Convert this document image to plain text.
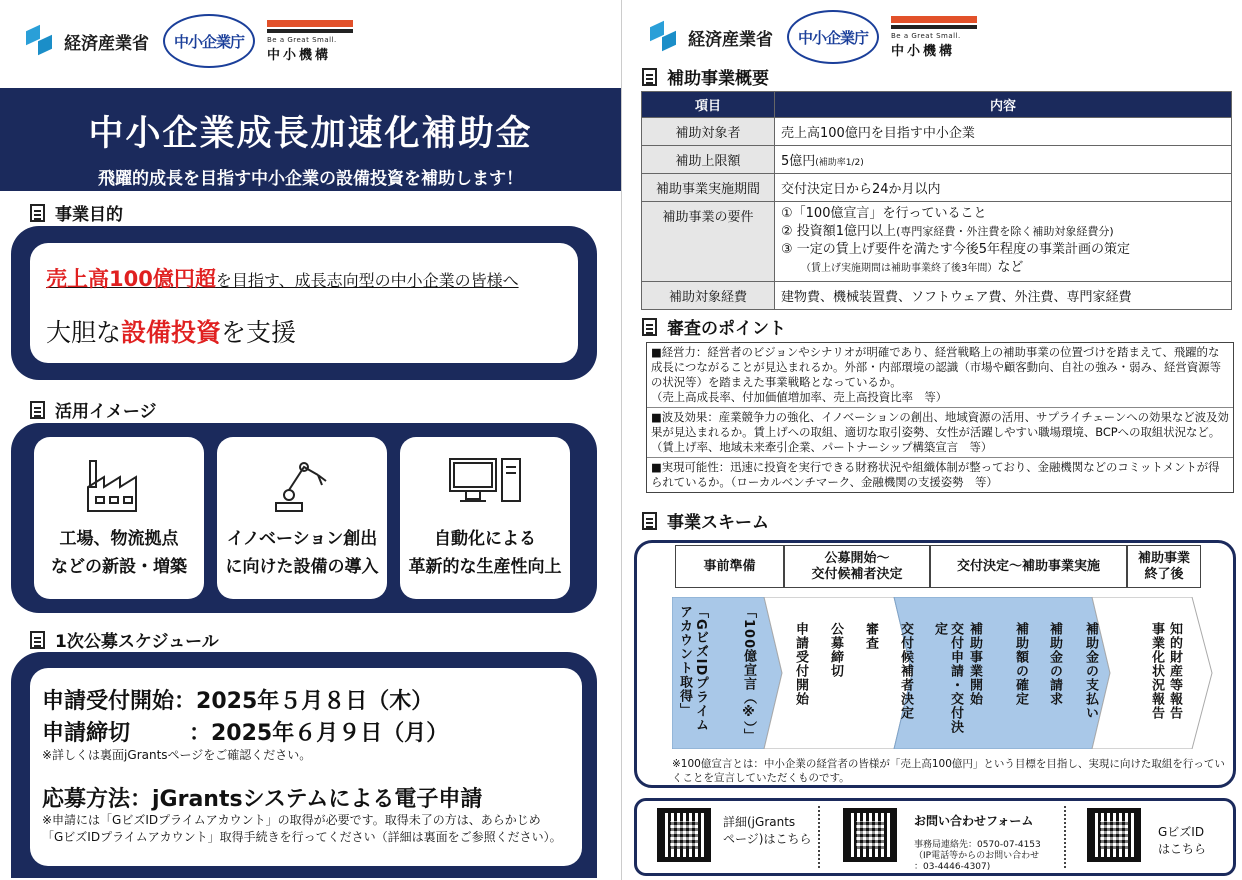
経済産業省	中小企業庁	Be a Great Small.
中小機構
中小企業成長加速化補助金
飛躍的成長を目指す中小企業の設備投資を補助します！
事業目的
売上高100億円超を目指す、成長志向型の中小企業の皆様へ
大胆な設備投資を支援
活用イメージ
工場、物流拠点
などの新設・増築
イノベーション創出
に向けた設備の導入
自動化による
革新的な生産性向上
1次公募スケジュール
申請受付開始：2025年５月８日（木）
申請締切	：2025年６月９日（月）
※詳しくは裏面jGrantsページをご確認ください。
応募方法：jGrantsシステムによる電子申請
※申請には「GビズIDプライムアカウント」の取得が必要です。取得未了の方は、あらかじめ
「GビズIDプライムアカウント」取得手続きを行ってください（詳細は裏面をご参照ください）。
経済産業省	中小企業庁	Be a Great Small.
中小機構
補助事業概要
項目	内容
補助対象者	売上高100億円を目指す中小企業
補助上限額	5億円(補助率1/2)
補助事業実施期間	交付決定日から24か月以内
補助事業の要件	①「100億宣言」を行っていること
② 投資額1億円以上(専門家経費・外注費を除く補助対象経費分)
③ 一定の賃上げ要件を満たす今後5年程度の事業計画の策定
（賃上げ実施期間は補助事業終了後3年間）など

補助対象経費	建物費、機械装置費、ソフトウェア費、外注費、専門家経費
審査のポイント
■経営力：経営者のビジョンやシナリオが明確であり、経営戦略上の補助事業の位置づけを踏まえて、飛躍的な成長につながることが見込まれるか。外部・内部環境の認識（市場や顧客動向、自社の強み・弱み、経営資源等の状況等）を踏まえた事業戦略となっているか。
（売上高成長率、付加価値増加率、売上高投資比率　等）
■波及効果：産業競争力の強化、イノベーションの創出、地域資源の活用、サプライチェーンへの効果など波及効果が見込まれるか。賃上げへの取組、適切な取引姿勢、女性が活躍しやすい職場環境、BCPへの取組状況など。（賃上げ率、地域未来牽引企業、パートナーシップ構築宣言　等）
■実現可能性：迅速に投資を実行できる財務状況や組織体制が整っており、金融機関などのコミットメントが得られているか。（ローカルベンチマーク、金融機関の支援姿勢　等）
事業スキーム
事前準備
公募開始～
交付候補者決定
交付決定～補助事業実施
補助事業
終了後
「GビズIDプライムアカウント取得」	「100億宣言（※）」	申請受付開始 公募締切 審査 交付候補者決定	交付申請・交付決定	補助事業開始 補助額の確定 補助金の請求 補助金の支払い	知的財産等報告
事業化状況報告
※100億宣言とは：中小企業の経営者の皆様が「売上高100億円」という目標を目指し、実現に向けた取組を行っていくことを宣言していただくものです。
詳細(jGrants
ページ)はこちら
お問い合わせフォーム
事務局連絡先：0570-07-4153
（IP電話等からのお問い合わせ
：03-4446-4307)
GビズID
はこちら
